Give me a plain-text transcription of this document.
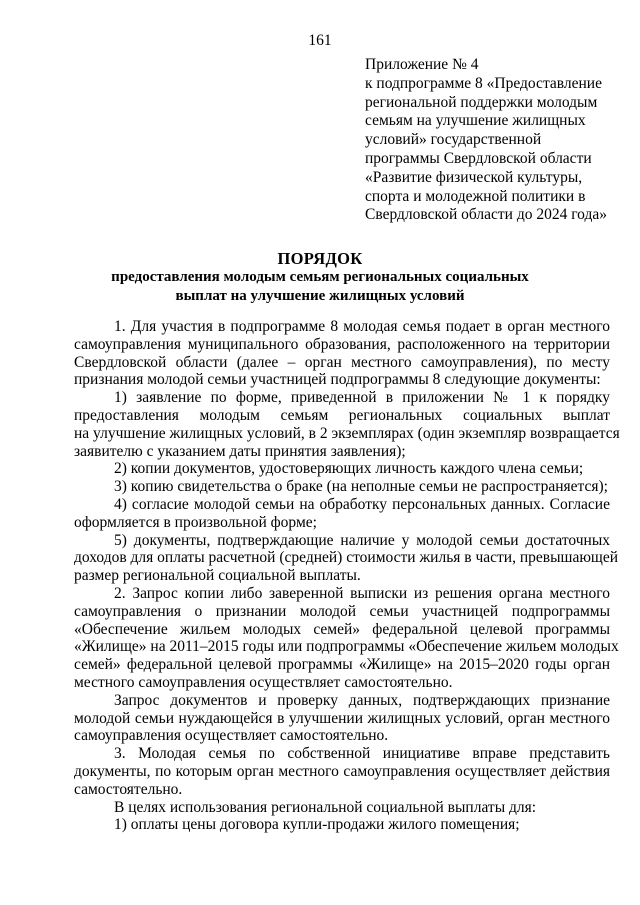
161
Приложение № 4
к подпрограмме 8 «Предоставление
региональной поддержки молодым
семьям на улучшение жилищных
условий» государственной
программы Свердловской области
«Развитие физической культуры,
спорта и молодежной политики в
Свердловской области до 2024 года»
ПОРЯДОК
предоставления молодым семьям региональных социальных
выплат на улучшение жилищных условий
1. Для участия в подпрограмме 8 молодая семья подает в орган местного
самоуправления муниципального образования, расположенного на территории
Свердловской области (далее – орган местного самоуправления), по месту
признания молодой семьи участницей подпрограммы 8 следующие документы:
1) заявление по форме, приведенной в приложении № 1 к порядку
предоставления молодым семьям региональных социальных выплат
на улучшение жилищных условий, в 2 экземплярах (один экземпляр возвращается
заявителю с указанием даты принятия заявления);
2) копии документов, удостоверяющих личность каждого члена семьи;
3) копию свидетельства о браке (на неполные семьи не распространяется);
4) согласие молодой семьи на обработку персональных данных. Согласие
оформляется в произвольной форме;
5) документы, подтверждающие наличие у молодой семьи достаточных
доходов для оплаты расчетной (средней) стоимости жилья в части, превышающей
размер региональной социальной выплаты.
2. Запрос копии либо заверенной выписки из решения органа местного
самоуправления о признании молодой семьи участницей подпрограммы
«Обеспечение жильем молодых семей» федеральной целевой программы
«Жилище» на 2011–2015 годы или подпрограммы «Обеспечение жильем молодых
семей» федеральной целевой программы «Жилище» на 2015–2020 годы орган
местного самоуправления осуществляет самостоятельно.
Запрос документов и проверку данных, подтверждающих признание
молодой семьи нуждающейся в улучшении жилищных условий, орган местного
самоуправления осуществляет самостоятельно.
3. Молодая семья по собственной инициативе вправе представить
документы, по которым орган местного самоуправления осуществляет действия
самостоятельно.
В целях использования региональной социальной выплаты для:
1) оплаты цены договора купли-продажи жилого помещения;
